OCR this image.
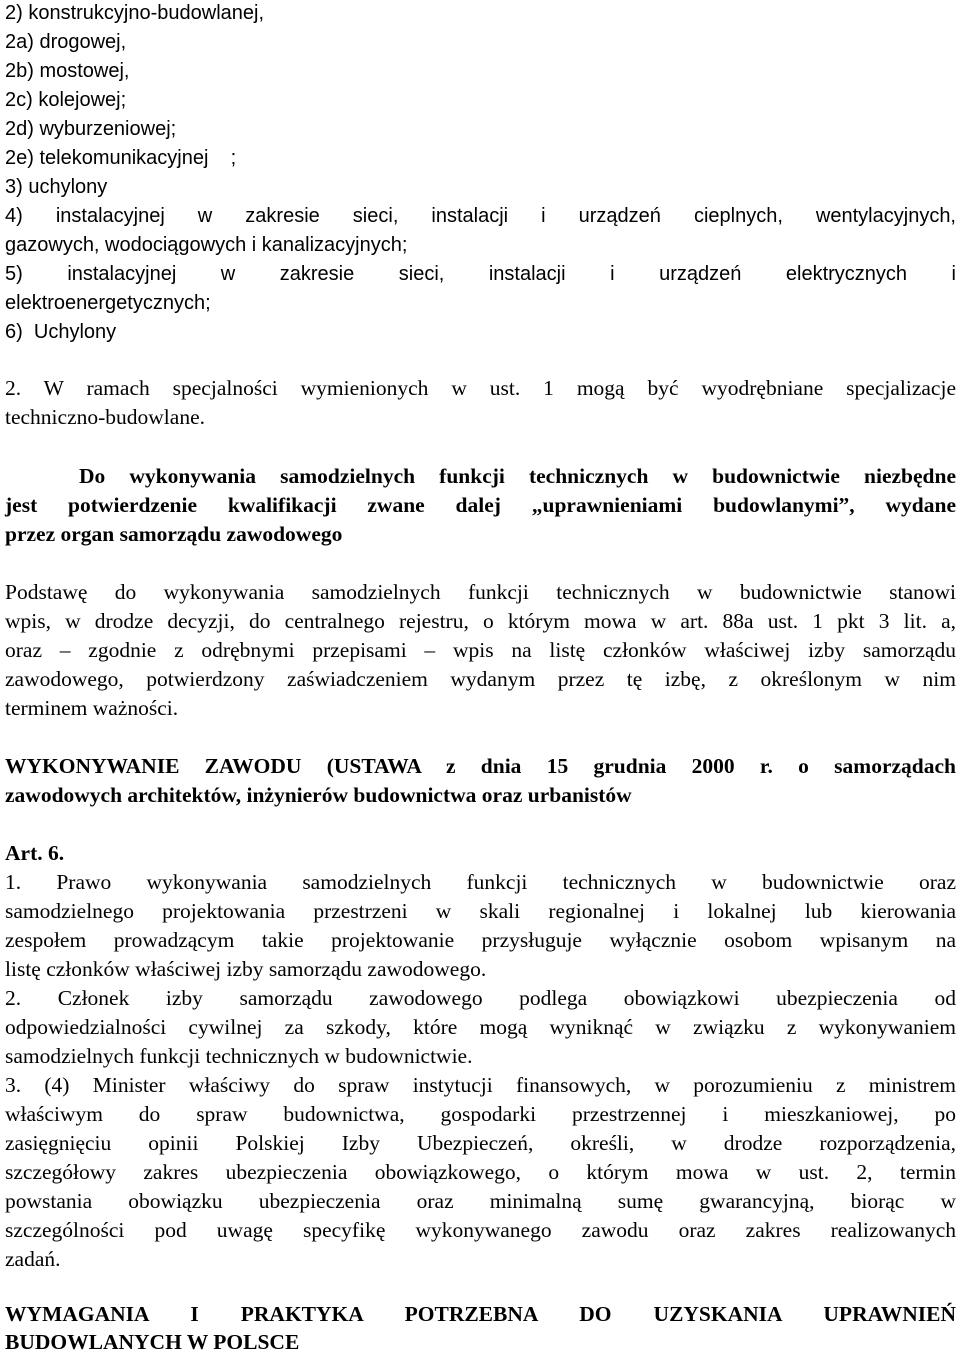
2) konstrukcyjno-budowlanej,
2a) drogowej,
2b) mostowej,
2c) kolejowej;
2d) wyburzeniowej;
2e) telekomunikacyjnej    ;
3) uchylony
4) instalacyjnej w zakresie sieci, instalacji i urządzeń cieplnych, wentylacyjnych,
gazowych, wodociągowych i kanalizacyjnych;
5) instalacyjnej w zakresie sieci, instalacji i urządzeń elektrycznych i
elektroenergetycznych;
6)  Uchylony
2. W ramach specjalności wymienionych w ust. 1 mogą być wyodrębniane specjalizacje
techniczno-budowlane.
Do wykonywania samodzielnych funkcji technicznych w budownictwie niezbędne
jest potwierdzenie kwalifikacji zwane dalej „uprawnieniami budowlanymi”, wydane
przez organ samorządu zawodowego
Podstawę do wykonywania samodzielnych funkcji technicznych w budownictwie stanowi
wpis, w drodze decyzji, do centralnego rejestru, o którym mowa w art. 88a ust. 1 pkt 3 lit. a,
oraz – zgodnie z odrębnymi przepisami – wpis na listę członków właściwej izby samorządu
zawodowego, potwierdzony zaświadczeniem wydanym przez tę izbę, z określonym w nim
terminem ważności.
WYKONYWANIE ZAWODU (USTAWA z dnia 15 grudnia 2000 r. o samorządach
zawodowych architektów, inżynierów budownictwa oraz urbanistów
Art. 6.
1. Prawo wykonywania samodzielnych funkcji technicznych w budownictwie oraz
samodzielnego projektowania przestrzeni w skali regionalnej i lokalnej lub kierowania
zespołem prowadzącym takie projektowanie przysługuje wyłącznie osobom wpisanym na
listę członków właściwej izby samorządu zawodowego.
2. Członek izby samorządu zawodowego podlega obowiązkowi ubezpieczenia od
odpowiedzialności cywilnej za szkody, które mogą wyniknąć w związku z wykonywaniem
samodzielnych funkcji technicznych w budownictwie.
3. (4) Minister właściwy do spraw instytucji finansowych, w porozumieniu z ministrem
właściwym do spraw budownictwa, gospodarki przestrzennej i mieszkaniowej, po
zasięgnięciu opinii Polskiej Izby Ubezpieczeń, określi, w drodze rozporządzenia,
szczegółowy zakres ubezpieczenia obowiązkowego, o którym mowa w ust. 2, termin
powstania obowiązku ubezpieczenia oraz minimalną sumę gwarancyjną, biorąc w
szczególności pod uwagę specyfikę wykonywanego zawodu oraz zakres realizowanych
zadań.
WYMAGANIA I PRAKTYKA POTRZEBNA DO UZYSKANIA UPRAWNIEŃ
BUDOWLANYCH W POLSCE
